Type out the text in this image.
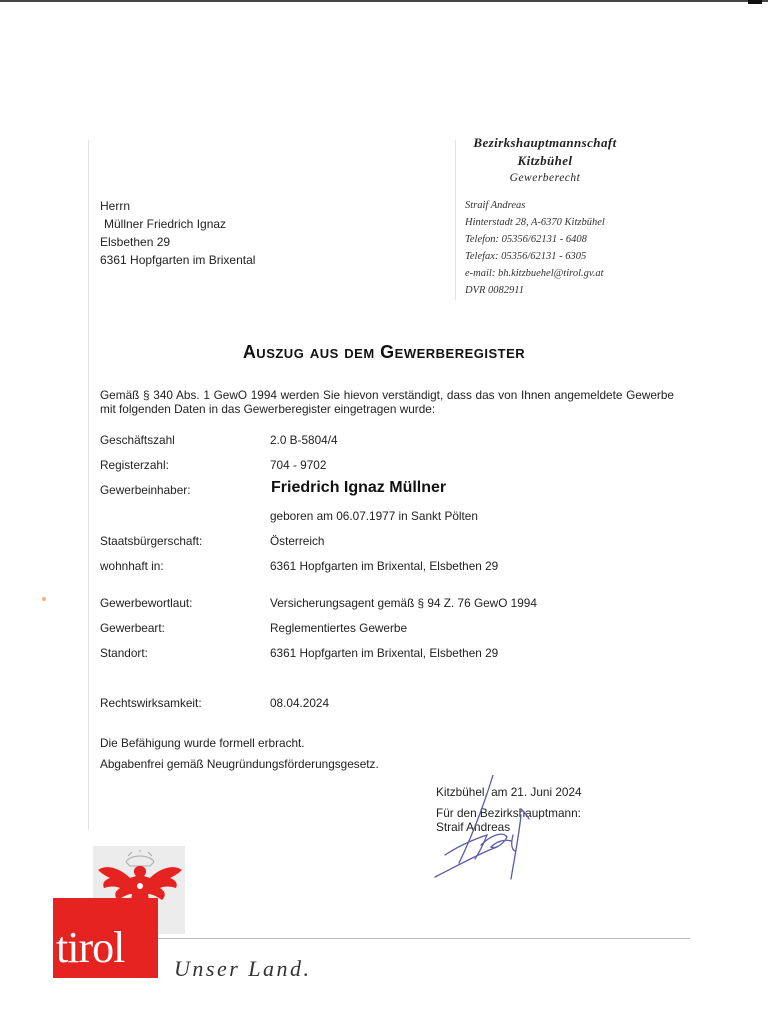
Bezirkshauptmannschaft
Kitzbühel
Gewerberecht
Straif Andreas
Hinterstadt 28, A-6370 Kitzbühel
Telefon: 05356/62131 - 6408
Telefax: 05356/62131 - 6305
e-mail: bh.kitzbuehel@tirol.gv.at
DVR 0082911
Herrn
Müllner Friedrich Ignaz
Elsbethen 29
6361 Hopfgarten im Brixental
Auszug aus dem Gewerberegister
Gemäß § 340 Abs. 1 GewO 1994 werden Sie hievon verständigt, dass das von Ihnen angemeldete Gewerbe mit folgenden Daten in das Gewerberegister eingetragen wurde:
Geschäftszahl	2.0 B-5804/4
Registerzahl:	704 - 9702
Gewerbeinhaber:	Friedrich Ignaz Müllner
geboren am 06.07.1977 in Sankt Pölten
Staatsbürgerschaft:	Österreich
wohnhaft in:	6361 Hopfgarten im Brixental, Elsbethen 29
Gewerbewortlaut:	Versicherungsagent gemäß § 94 Z. 76 GewO 1994
Gewerbeart:	Reglementiertes Gewerbe
Standort:	6361 Hopfgarten im Brixental, Elsbethen 29
Rechtswirksamkeit:	08.04.2024
Die Befähigung wurde formell erbracht.
Abgabenfrei gemäß Neugründungsförderungsgesetz.
Kitzbühel, am 21. Juni 2024
Für den Bezirkshauptmann:
Straif Andreas
tirol Unser Land.
